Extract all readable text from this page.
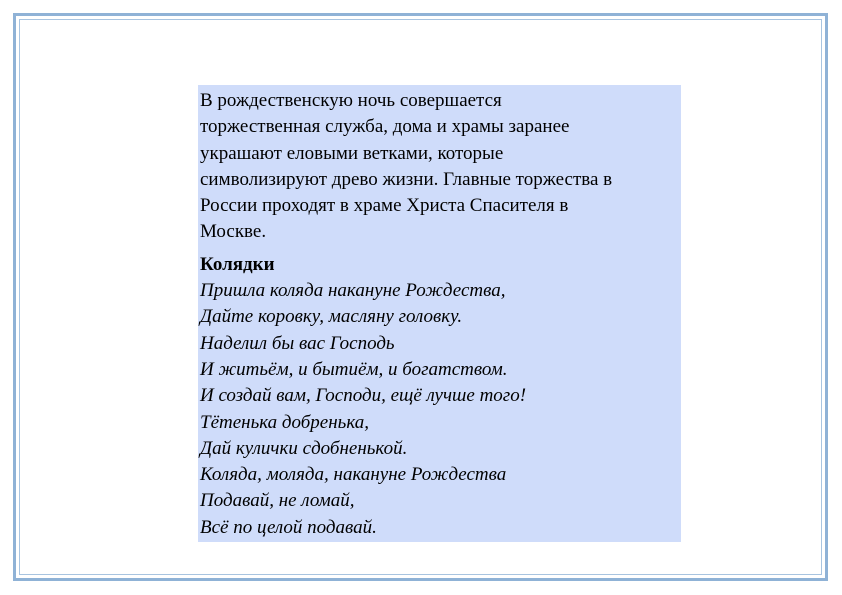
В рождественскую ночь совершается
торжественная служба, дома и храмы заранее
украшают еловыми ветками, которые
символизируют древо жизни. Главные торжества в
России проходят в храме Христа Спасителя в
Москве.
Колядки
Пришла коляда накануне Рождества,
Дайте коровку, масляну головку.
Наделил бы вас Господь
И житьём, и бытиём, и богатством.
И создай вам, Господи, ещё лучше того!
Тётенька добренька,
Дай кулички сдобненькой.
Коляда, моляда, накануне Рождества
Подавай, не ломай,
Всё по целой подавай.
